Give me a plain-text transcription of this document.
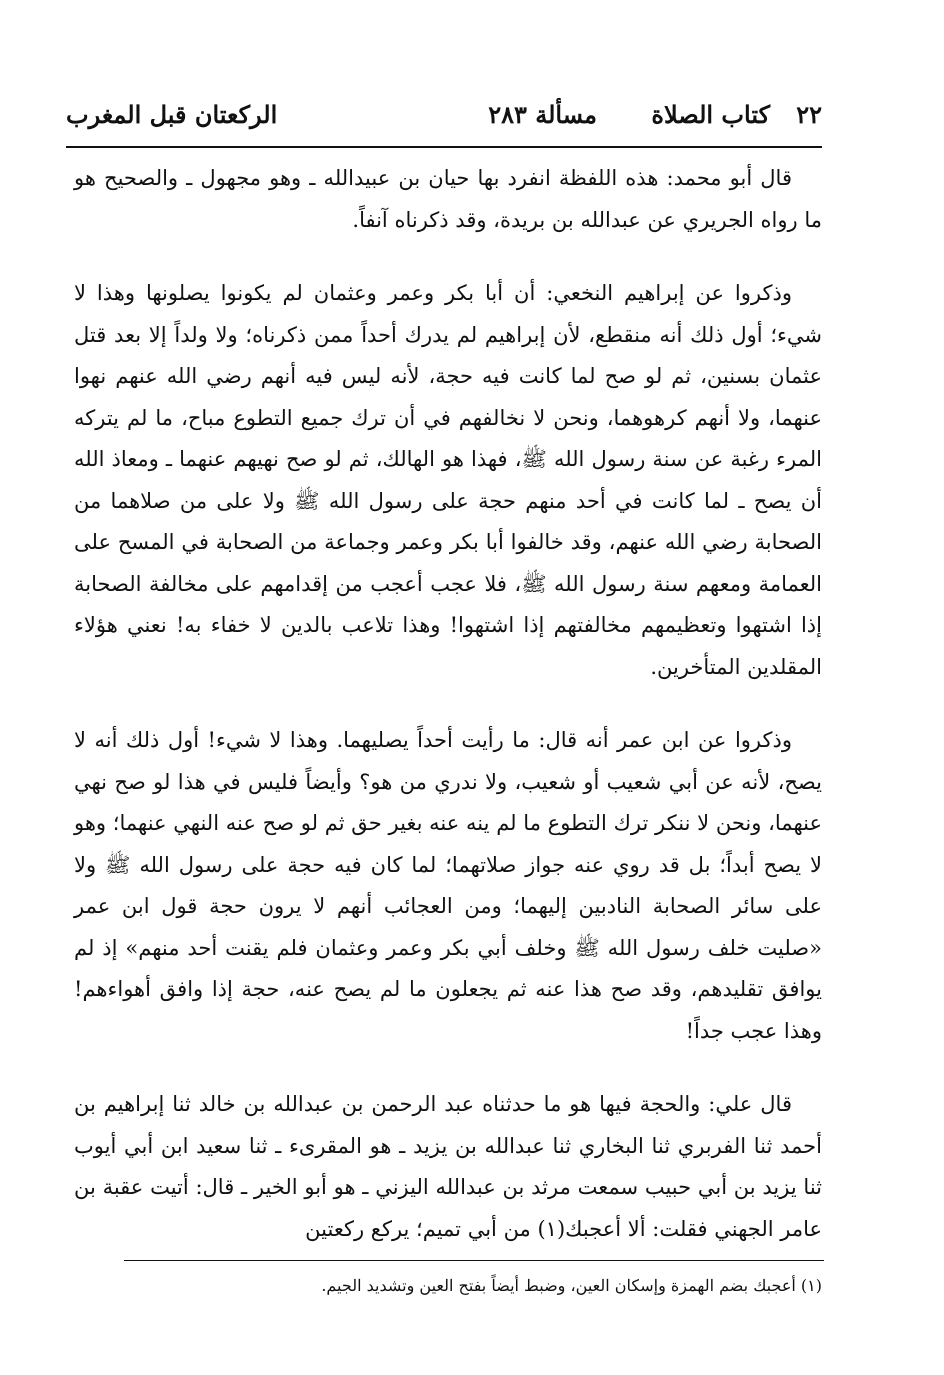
٢٢
كتاب الصلاة
مسألة ٢٨٣
الركعتان قبل المغرب

قال أبو محمد: هذه اللفظة انفرد بها حيان بن عبيدالله ـ وهو مجهول ـ والصحيح هو ما رواه الجريري عن عبدالله بن بريدة، وقد ذكرناه آنفاً.

وذكروا عن إبراهيم النخعي: أن أبا بكر وعمر وعثمان لم يكونوا يصلونها وهذا لا شيء؛ أول ذلك أنه منقطع، لأن إبراهيم لم يدرك أحداً ممن ذكرناه؛ ولا ولداً إلا بعد قتل عثمان بسنين، ثم لو صح لما كانت فيه حجة، لأنه ليس فيه أنهم رضي الله عنهم نهوا عنهما، ولا أنهم كرهوهما، ونحن لا نخالفهم في أن ترك جميع التطوع مباح، ما لم يتركه المرء رغبة عن سنة رسول الله ﷺ، فهذا هو الهالك، ثم لو صح نهيهم عنهما ـ ومعاذ الله أن يصح ـ لما كانت في أحد منهم حجة على رسول الله ﷺ ولا على من صلاهما من الصحابة رضي الله عنهم، وقد خالفوا أبا بكر وعمر وجماعة من الصحابة في المسح على العمامة ومعهم سنة رسول الله ﷺ، فلا عجب أعجب من إقدامهم على مخالفة الصحابة إذا اشتهوا وتعظيمهم مخالفتهم إذا اشتهوا! وهذا تلاعب بالدين لا خفاء به! نعني هؤلاء المقلدين المتأخرين.

وذكروا عن ابن عمر أنه قال: ما رأيت أحداً يصليهما. وهذا لا شيء! أول ذلك أنه لا يصح، لأنه عن أبي شعيب أو شعيب، ولا ندري من هو؟ وأيضاً فليس في هذا لو صح نهي عنهما، ونحن لا ننكر ترك التطوع ما لم ينه عنه بغير حق ثم لو صح عنه النهي عنهما؛ وهو لا يصح أبداً؛ بل قد روي عنه جواز صلاتهما؛ لما كان فيه حجة على رسول الله ﷺ ولا على سائر الصحابة النادبين إليهما؛ ومن العجائب أنهم لا يرون حجة قول ابن عمر «صليت خلف رسول الله ﷺ وخلف أبي بكر وعمر وعثمان فلم يقنت أحد منهم» إذ لم يوافق تقليدهم، وقد صح هذا عنه ثم يجعلون ما لم يصح عنه، حجة إذا وافق أهواءهم! وهذا عجب جداً!

قال علي: والحجة فيها هو ما حدثناه عبد الرحمن بن عبدالله بن خالد ثنا إبراهيم بن أحمد ثنا الفربري ثنا البخاري ثنا عبدالله بن يزيد ـ هو المقرىء ـ ثنا سعيد ابن أبي أيوب ثنا يزيد بن أبي حبيب سمعت مرثد بن عبدالله اليزني ـ هو أبو الخير ـ قال: أتيت عقبة بن عامر الجهني فقلت: ألا أعجبك(١) من أبي تميم؛ يركع ركعتين

(١) أعجبك بضم الهمزة وإسكان العين، وضبط أيضاً بفتح العين وتشديد الجيم.
